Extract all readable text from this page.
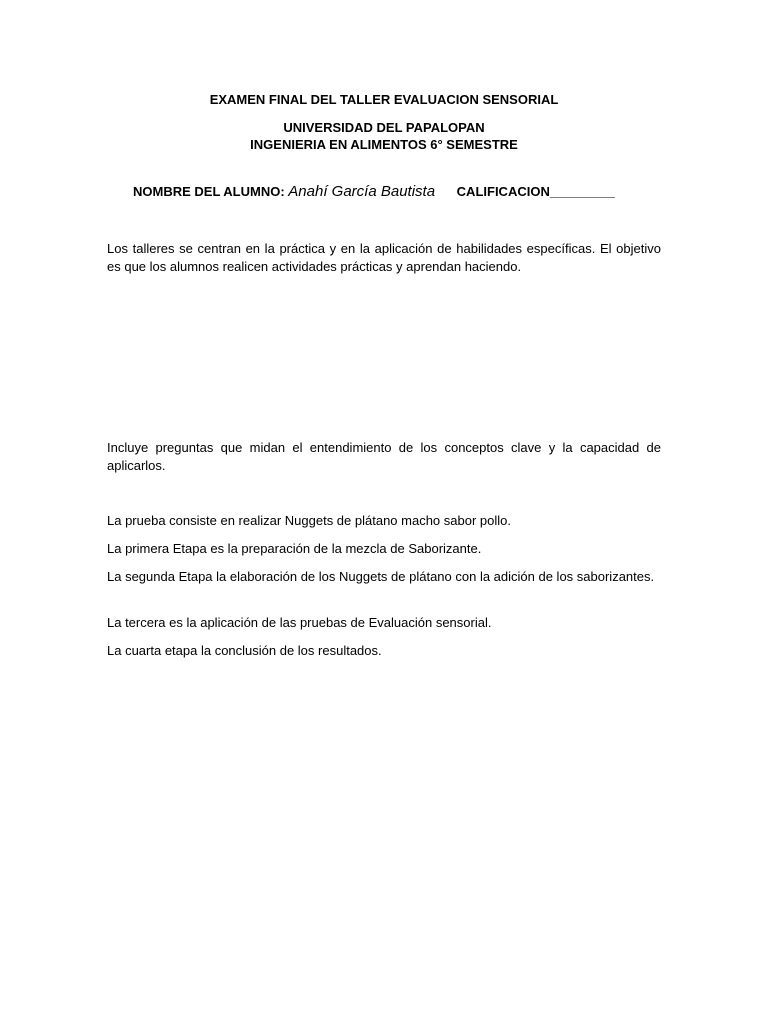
EXAMEN FINAL DEL TALLER EVALUACION SENSORIAL
UNIVERSIDAD DEL PAPALOPAN
INGENIERIA EN ALIMENTOS 6° SEMESTRE
NOMBRE DEL ALUMNO: Anahí García Bautista CALIFICACION_________
Los talleres se centran en la práctica y en la aplicación de habilidades específicas. El objetivo es que los alumnos realicen actividades prácticas y aprendan haciendo.
Incluye preguntas que midan el entendimiento de los conceptos clave y la capacidad de aplicarlos.
La prueba consiste en realizar Nuggets de plátano macho sabor pollo.
La primera Etapa es la preparación de la mezcla de Saborizante.
La segunda Etapa la elaboración de los Nuggets de plátano con la adición de los saborizantes.
La tercera es la aplicación de las pruebas de Evaluación sensorial.
La cuarta etapa la conclusión de los resultados.
